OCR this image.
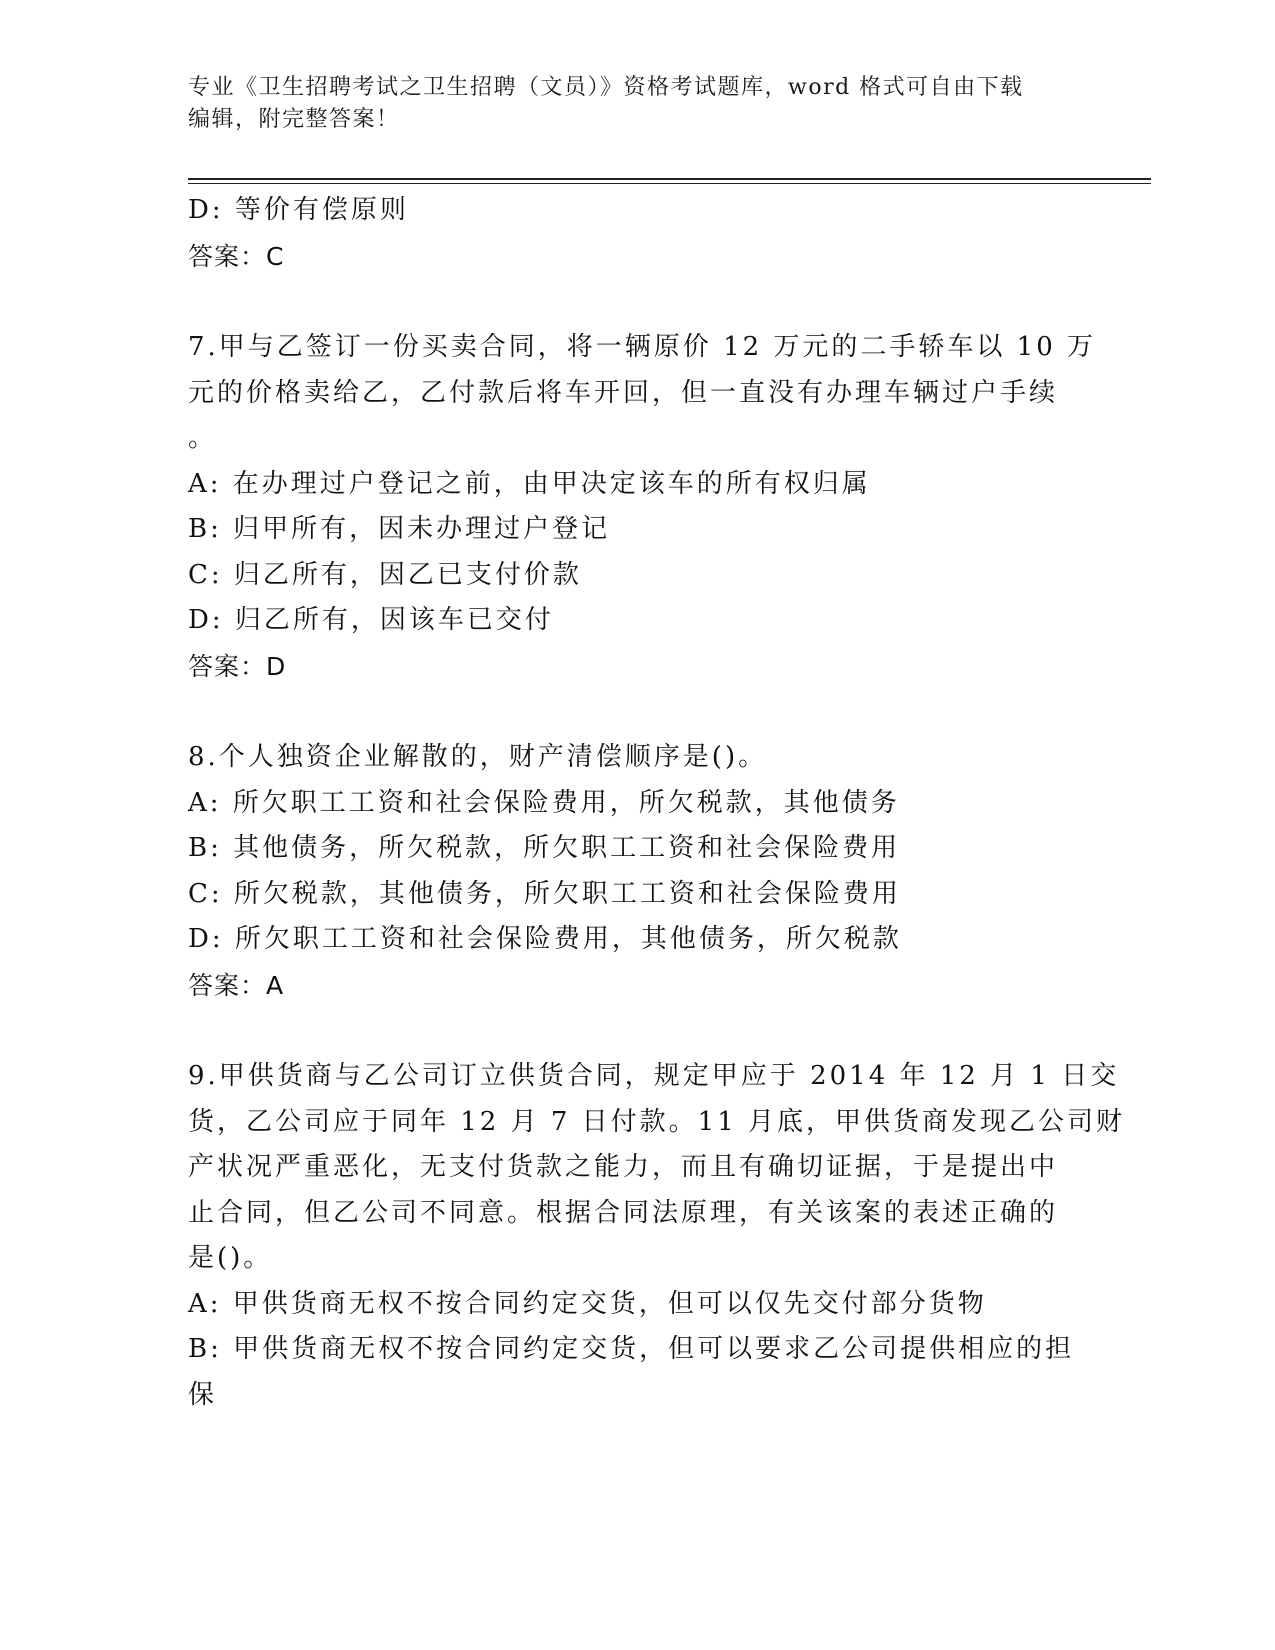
专业《卫生招聘考试之卫生招聘（文员）》资格考试题库，word 格式可自由下载
编辑，附完整答案！
D: 等价有偿原则
答案：C
7.甲与乙签订一份买卖合同，将一辆原价 12 万元的二手轿车以 10 万
元的价格卖给乙，乙付款后将车开回，但一直没有办理车辆过户手续
。
A: 在办理过户登记之前，由甲决定该车的所有权归属
B: 归甲所有，因未办理过户登记
C: 归乙所有，因乙已支付价款
D: 归乙所有，因该车已交付
答案：D
8.个人独资企业解散的，财产清偿顺序是()。
A: 所欠职工工资和社会保险费用，所欠税款，其他债务
B: 其他债务，所欠税款，所欠职工工资和社会保险费用
C: 所欠税款，其他债务，所欠职工工资和社会保险费用
D: 所欠职工工资和社会保险费用，其他债务，所欠税款
答案：A
9.甲供货商与乙公司订立供货合同，规定甲应于 2014 年 12 月 1 日交
货，乙公司应于同年 12 月 7 日付款。11 月底，甲供货商发现乙公司财
产状况严重恶化，无支付货款之能力，而且有确切证据，于是提出中
止合同，但乙公司不同意。根据合同法原理，有关该案的表述正确的
是()。
A: 甲供货商无权不按合同约定交货，但可以仅先交付部分货物
B: 甲供货商无权不按合同约定交货，但可以要求乙公司提供相应的担
保
